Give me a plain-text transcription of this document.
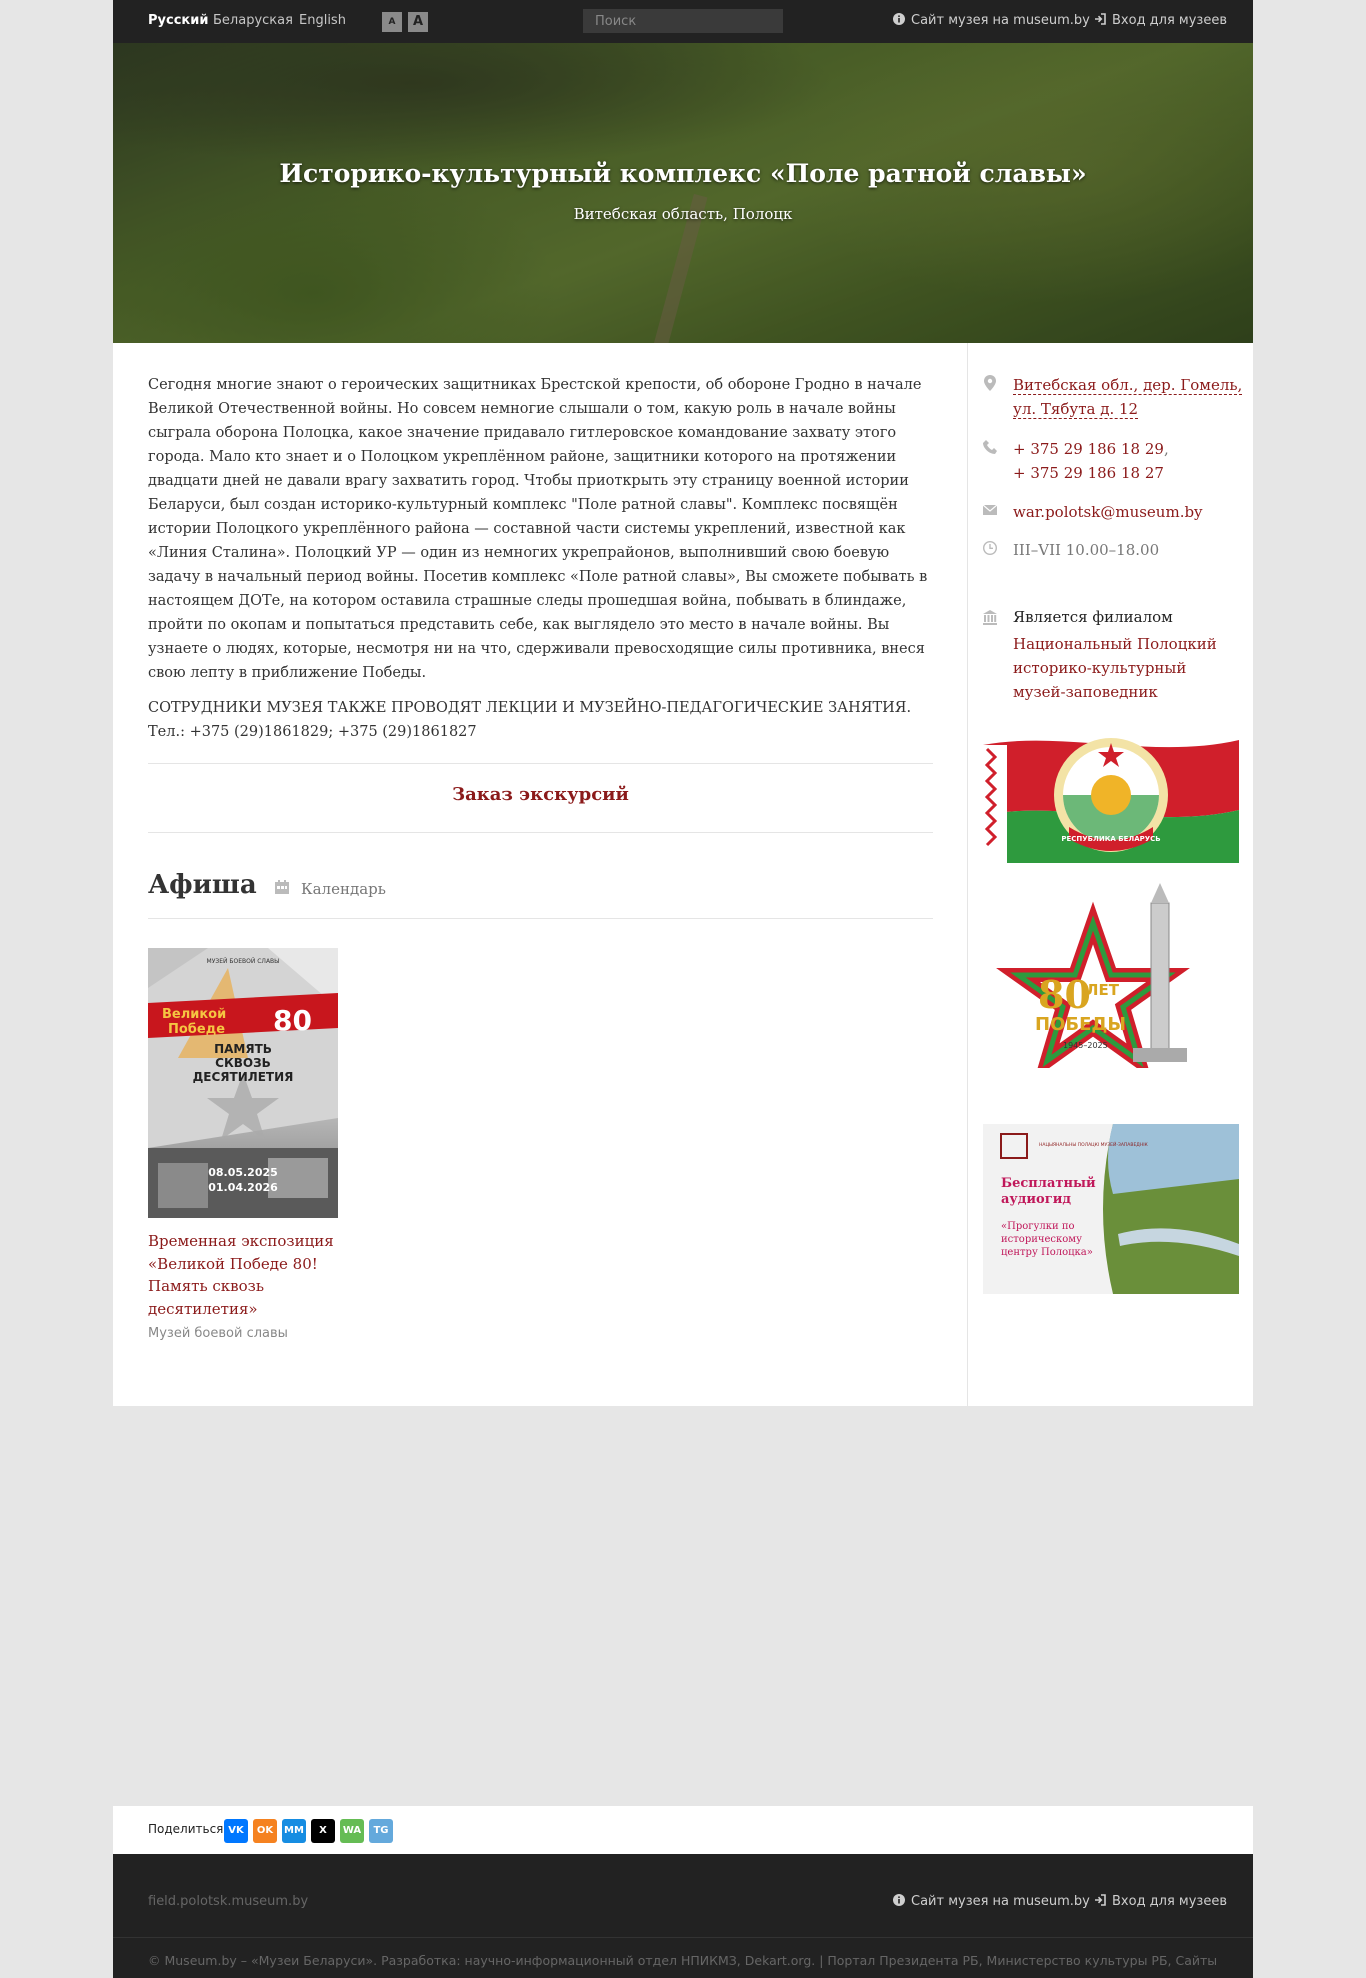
Русский Беларуская English	A	A
Поиск	Сайт музея на museum.by	Вход для музеев
Историко-культурный комплекс «Поле ратной славы»
Витебская область, Полоцк
Сегодня многие знают о героических защитниках Брестской крепости, об обороне Гродно в начале Великой Отечественной войны. Но совсем немногие слышали о том, какую роль в начале войны сыграла оборона Полоцка, какое значение придавало гитлеровское командование захвату этого города. Мало кто знает и о Полоцком укреплённом районе, защитники которого на протяжении двадцати дней не давали врагу захватить город. Чтобы приоткрыть эту страницу военной истории Беларуси, был создан историко-культурный комплекс "Поле ратной славы". Комплекс посвящён истории Полоцкого укреплённого района — составной части системы укреплений, известной как «Линия Сталина». Полоцкий УР — один из немногих укрепрайонов, выполнивший свою боевую задачу в начальный период войны. Посетив комплекс «Поле ратной славы», Вы сможете побывать в настоящем ДОТе, на котором оставила страшные следы прошедшая война, побывать в блиндаже, пройти по окопам и попытаться представить себе, как выглядело это место в начале войны. Вы узнаете о людях, которые, несмотря ни на что, сдерживали превосходящие силы противника, внеся свою лепту в приближение Победы.
СОТРУДНИКИ МУЗЕЯ ТАКЖЕ ПРОВОДЯТ ЛЕКЦИИ И МУЗЕЙНО-ПЕДАГОГИЧЕСКИЕ ЗАНЯТИЯ.
Тел.: +375 (29)1861829; +375 (29)1861827
Заказ экскурсий
Афиша	Календарь
МУЗЕЙ БОЕВОЙ СЛАВЫ
Великой
Победе 80
ПАМЯТЬ
СКВОЗЬ
ДЕСЯТИЛЕТИЯ
08.05.2025
01.04.2026
Временная экспозиция «Великой Победе 80! Память сквозь десятилетия»
Музей боевой славы
Витебская обл., дер. Гомель, ул. Тябута д. 12
+ 375 29 186 18 29,
+ 375 29 186 18 27
war.polotsk@museum.by
III–VII 10.00–18.00
Является филиалом
Национальный Полоцкий историко-культурный музей-заповедник
РЕСПУБЛИКА БЕЛАРУСЬ
80
ЛЕТ
ПОБЕДЫ
1945–2025
НАЦЫЯНАЛЬНЫ ПОЛАЦКІ МУЗЕЙ-ЗАПАВЕДНІК
Бесплатный
аудиогид
«Прогулки по
историческому
центру Полоцка»
Поделиться VK	OK	MM	X	WA	TG
field.polotsk.museum.by	Сайт музея на museum.by	Вход для музеев
© Museum.by – «Музеи Беларуси». Разработка: научно-информационный отдел НПИКМЗ, Dekart.org. | Портал Президента РБ, Министерство культуры РБ, Сайты
